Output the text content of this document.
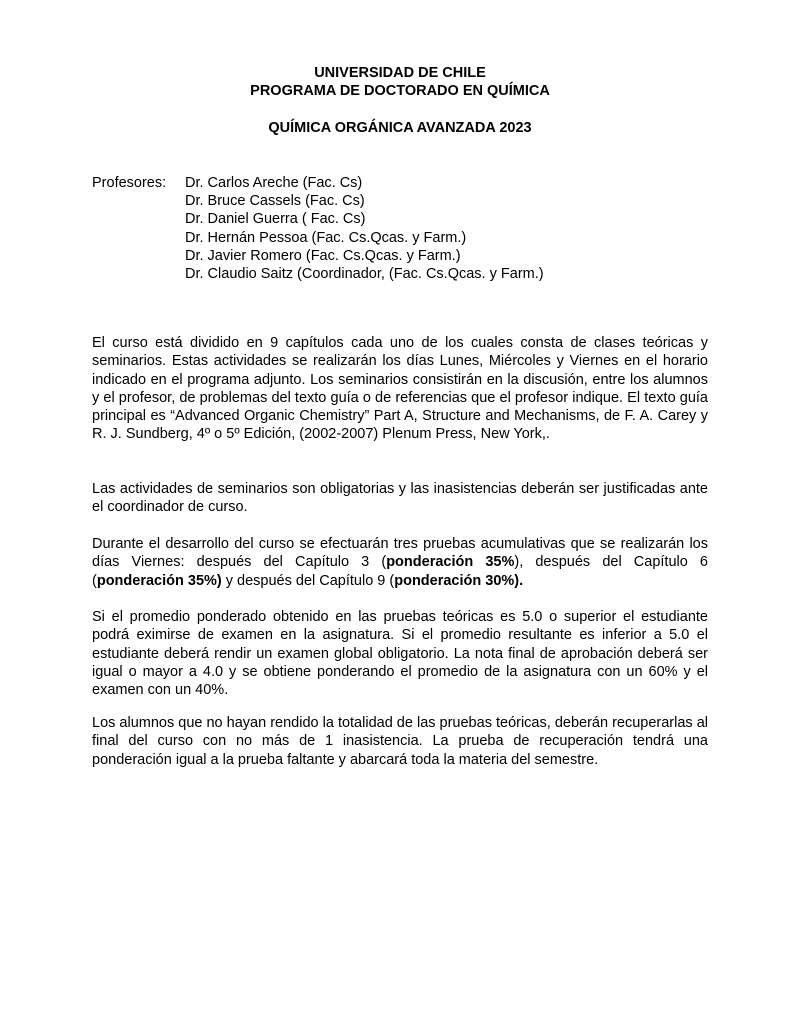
UNIVERSIDAD DE CHILE
PROGRAMA DE DOCTORADO EN QUÍMICA
QUÍMICA ORGÁNICA AVANZADA 2023
Profesores: Dr. Carlos Areche (Fac. Cs)
Dr. Bruce Cassels (Fac. Cs)
Dr. Daniel Guerra ( Fac. Cs)
Dr. Hernán Pessoa (Fac. Cs.Qcas. y Farm.)
Dr. Javier Romero (Fac. Cs.Qcas. y Farm.)
Dr. Claudio Saitz (Coordinador, (Fac. Cs.Qcas. y Farm.)

El curso está dividido en 9 capítulos cada uno de los cuales consta de clases teóricas y seminarios. Estas actividades se realizarán los días Lunes, Miércoles y Viernes en el horario indicado en el programa adjunto. Los seminarios consistirán en la discusión, entre los alumnos y el profesor, de problemas del texto guía o de referencias que el profesor indique. El texto guía principal es “Advanced Organic Chemistry” Part A, Structure and Mechanisms, de F. A. Carey y R. J. Sundberg, 4º o 5º Edición, (2002-2007) Plenum Press, New York,.

Las actividades de seminarios son obligatorias y las inasistencias deberán ser justificadas ante el coordinador de curso.

Durante el desarrollo del curso se efectuarán tres pruebas acumulativas que se realizarán los días Viernes: después del Capítulo 3 (ponderación 35%), después del Capítulo 6 (ponderación 35%) y después del Capítulo 9 (ponderación 30%).

Si el promedio ponderado obtenido en las pruebas teóricas es 5.0 o superior el estudiante podrá eximirse de examen en la asignatura. Si el promedio resultante es inferior a 5.0 el estudiante deberá rendir un examen global obligatorio. La nota final de aprobación deberá ser igual o mayor a 4.0 y se obtiene ponderando el promedio de la asignatura con un 60% y el examen con un 40%.

Los alumnos que no hayan rendido la totalidad de las pruebas teóricas, deberán recuperarlas al final del curso con no más de 1 inasistencia. La prueba de recuperación tendrá una ponderación igual a la prueba faltante y abarcará toda la materia del semestre.
